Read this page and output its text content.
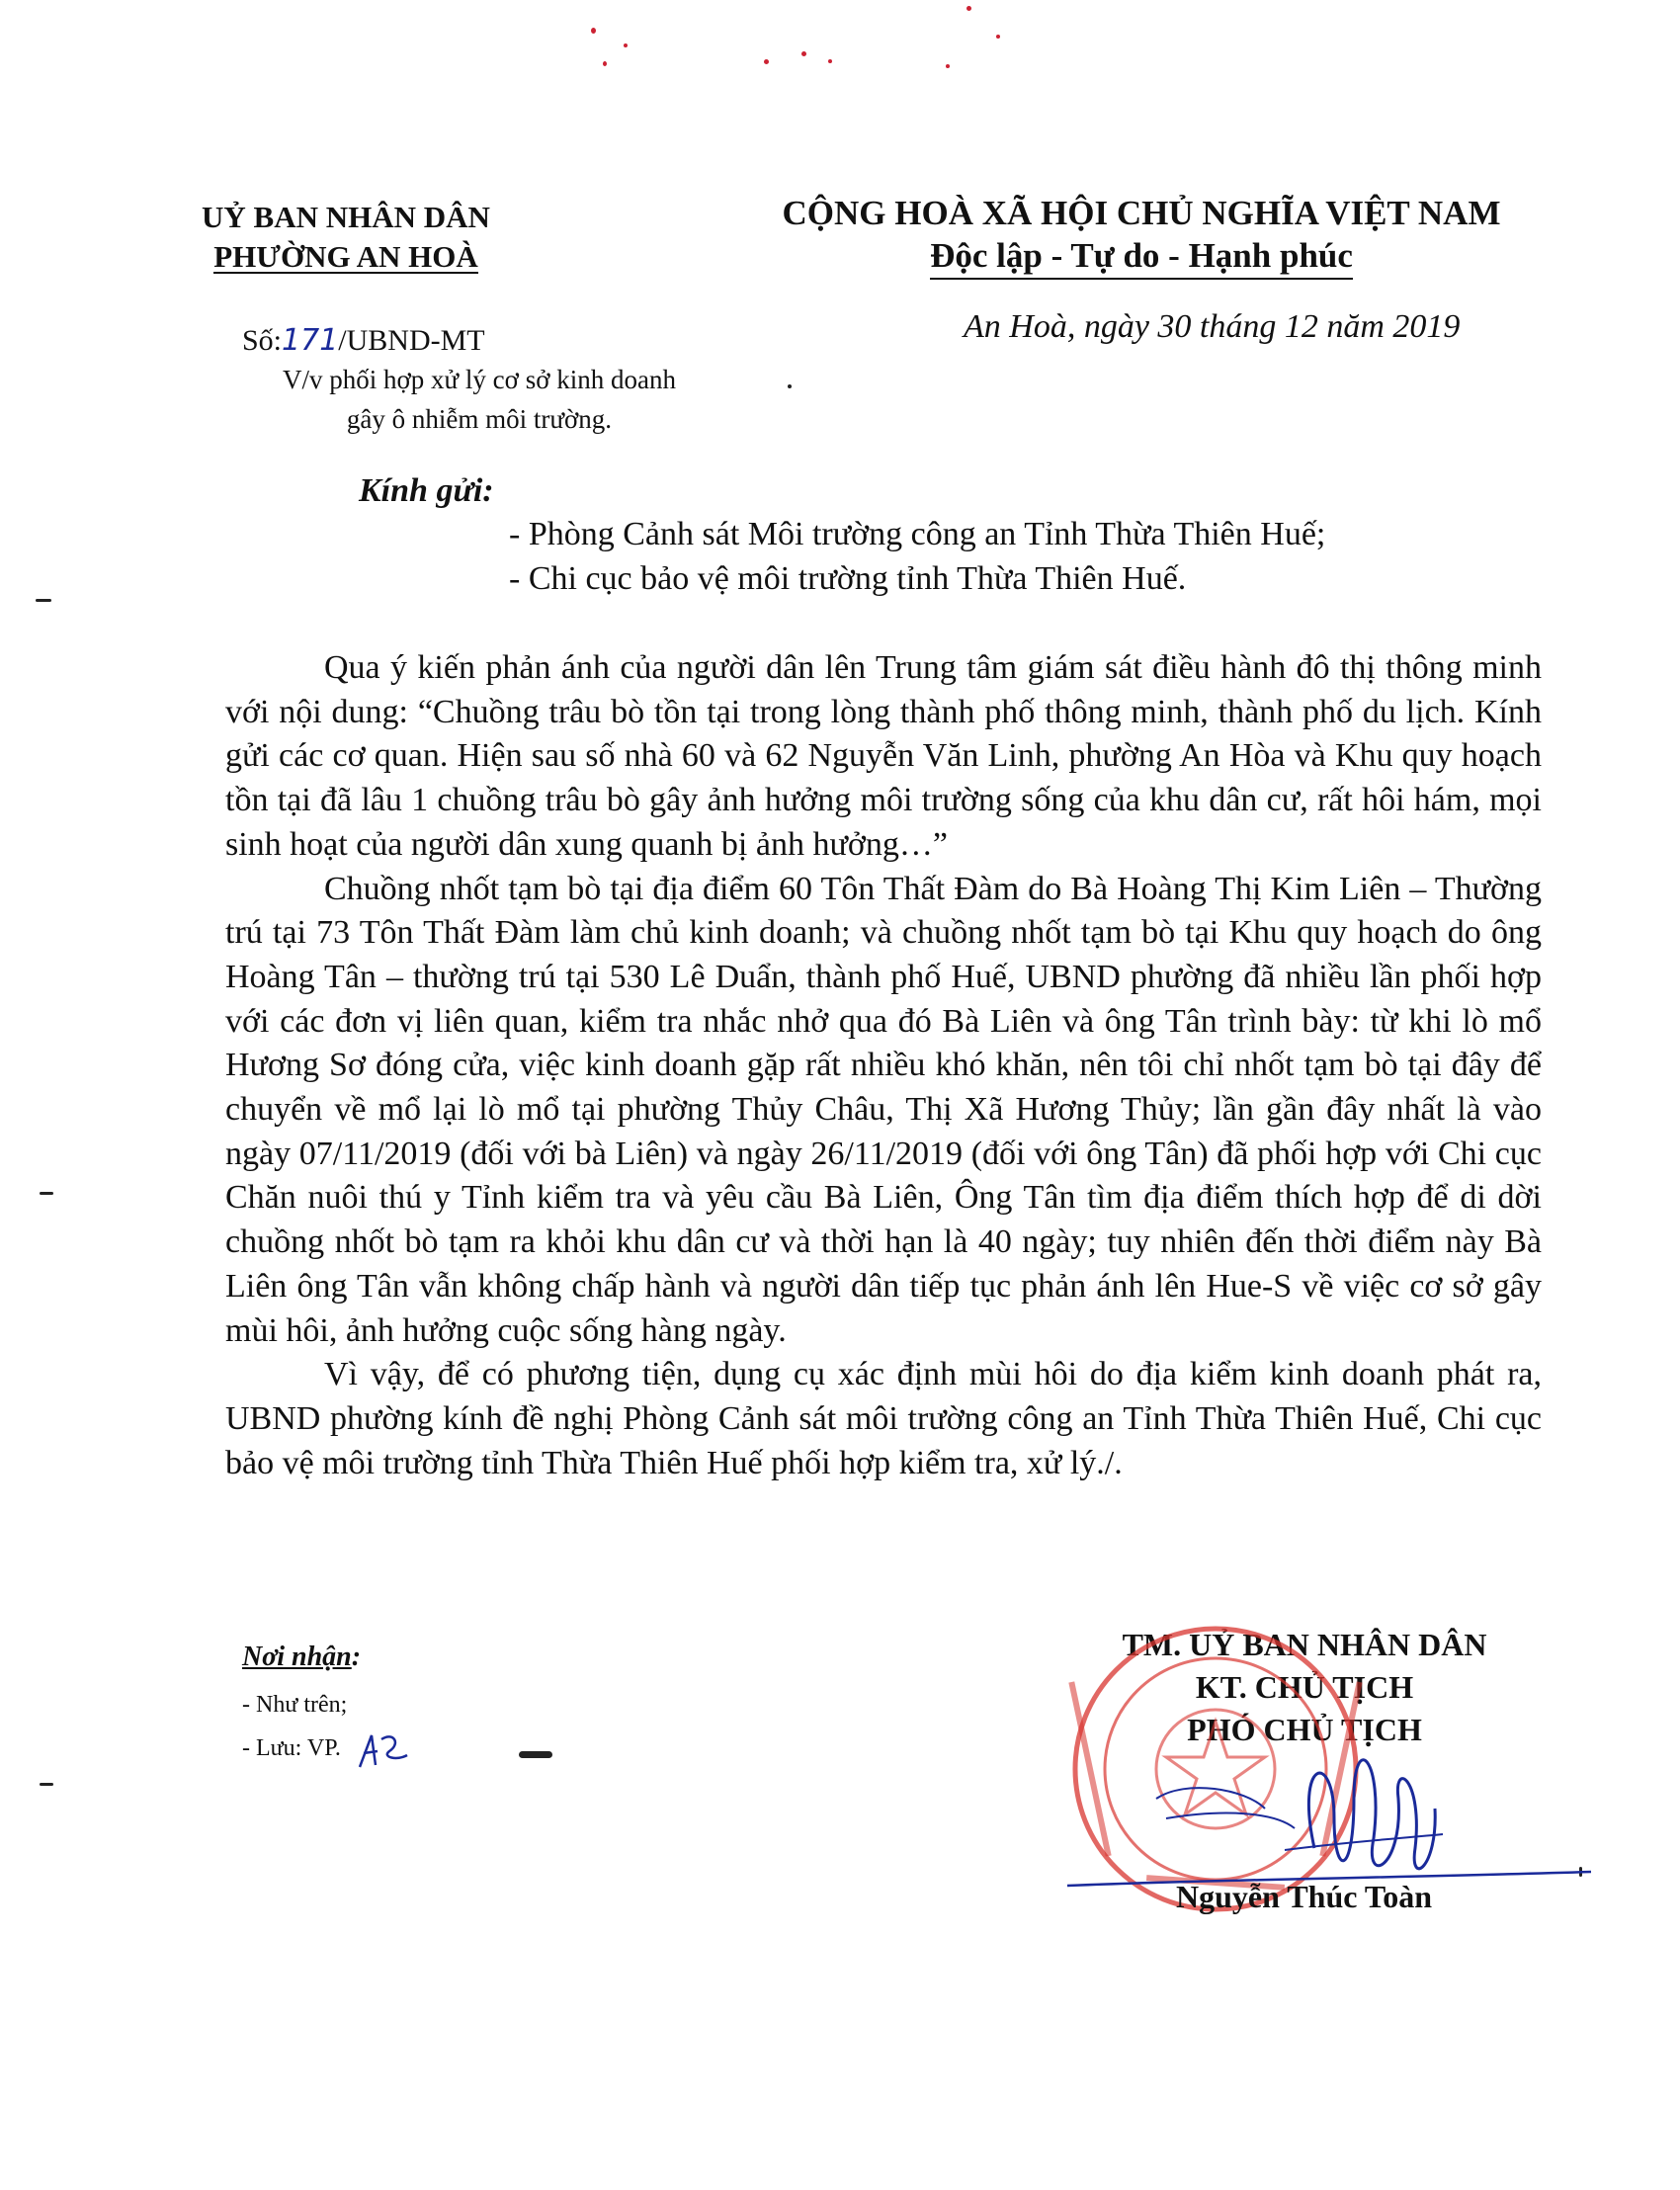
UỶ BAN NHÂN DÂN
PHƯỜNG AN HOÀ
CỘNG HOÀ XÃ HỘI CHỦ NGHĨA VIỆT NAM
Độc lập - Tự do - Hạnh phúc
Số:171/UBND-MT	An Hoà, ngày 30 tháng 12 năm 2019
V/v phối hợp xử lý cơ sở kinh doanh
gây ô nhiễm môi trường.
Kính gửi:
- Phòng Cảnh sát Môi trường công an Tỉnh Thừa Thiên Huế;
- Chi cục bảo vệ môi trường tỉnh Thừa Thiên Huế.

Qua ý kiến phản ánh của người dân lên Trung tâm giám sát điều hành đô thị thông minh với nội dung: “Chuồng trâu bò tồn tại trong lòng thành phố thông minh, thành phố du lịch. Kính gửi các cơ quan. Hiện sau số nhà 60 và 62 Nguyễn Văn Linh, phường An Hòa và Khu quy hoạch tồn tại đã lâu 1 chuồng trâu bò gây ảnh hưởng môi trường sống của khu dân cư, rất hôi hám, mọi sinh hoạt của người dân xung quanh bị ảnh hưởng…”

Chuồng nhốt tạm bò tại địa điểm 60 Tôn Thất Đàm do Bà Hoàng Thị Kim Liên – Thường trú tại 73 Tôn Thất Đàm làm chủ kinh doanh; và chuồng nhốt tạm bò tại Khu quy hoạch do ông Hoàng Tân – thường trú tại 530 Lê Duẩn, thành phố Huế, UBND phường đã nhiều lần phối hợp với các đơn vị liên quan, kiểm tra nhắc nhở qua đó Bà Liên và ông Tân trình bày: từ khi lò mổ Hương Sơ đóng cửa, việc kinh doanh gặp rất nhiều khó khăn, nên tôi chỉ nhốt tạm bò tại đây để chuyển về mổ lại lò mổ tại phường Thủy Châu, Thị Xã Hương Thủy; lần gần đây nhất là vào ngày 07/11/2019 (đối với bà Liên) và ngày 26/11/2019 (đối với ông Tân) đã phối hợp với Chi cục Chăn nuôi thú y Tỉnh kiểm tra và yêu cầu Bà Liên, Ông Tân tìm địa điểm thích hợp để di dời chuồng nhốt bò tạm ra khỏi khu dân cư và thời hạn là 40 ngày; tuy nhiên đến thời điểm này Bà Liên ông Tân vẫn không chấp hành và người dân tiếp tục phản ánh lên Hue-S về việc cơ sở gây mùi hôi, ảnh hưởng cuộc sống hàng ngày.

Vì vậy, để có phương tiện, dụng cụ xác định mùi hôi do địa kiểm kinh doanh phát ra, UBND phường kính đề nghị Phòng Cảnh sát môi trường công an Tỉnh Thừa Thiên Huế, Chi cục bảo vệ môi trường tỉnh Thừa Thiên Huế phối hợp kiểm tra, xử lý./.

Nơi nhận:
- Như trên;
- Lưu: VP.
TM. UỶ BAN NHÂN DÂN
KT. CHỦ TỊCH
PHÓ CHỦ TỊCH
Nguyễn Thúc Toàn
